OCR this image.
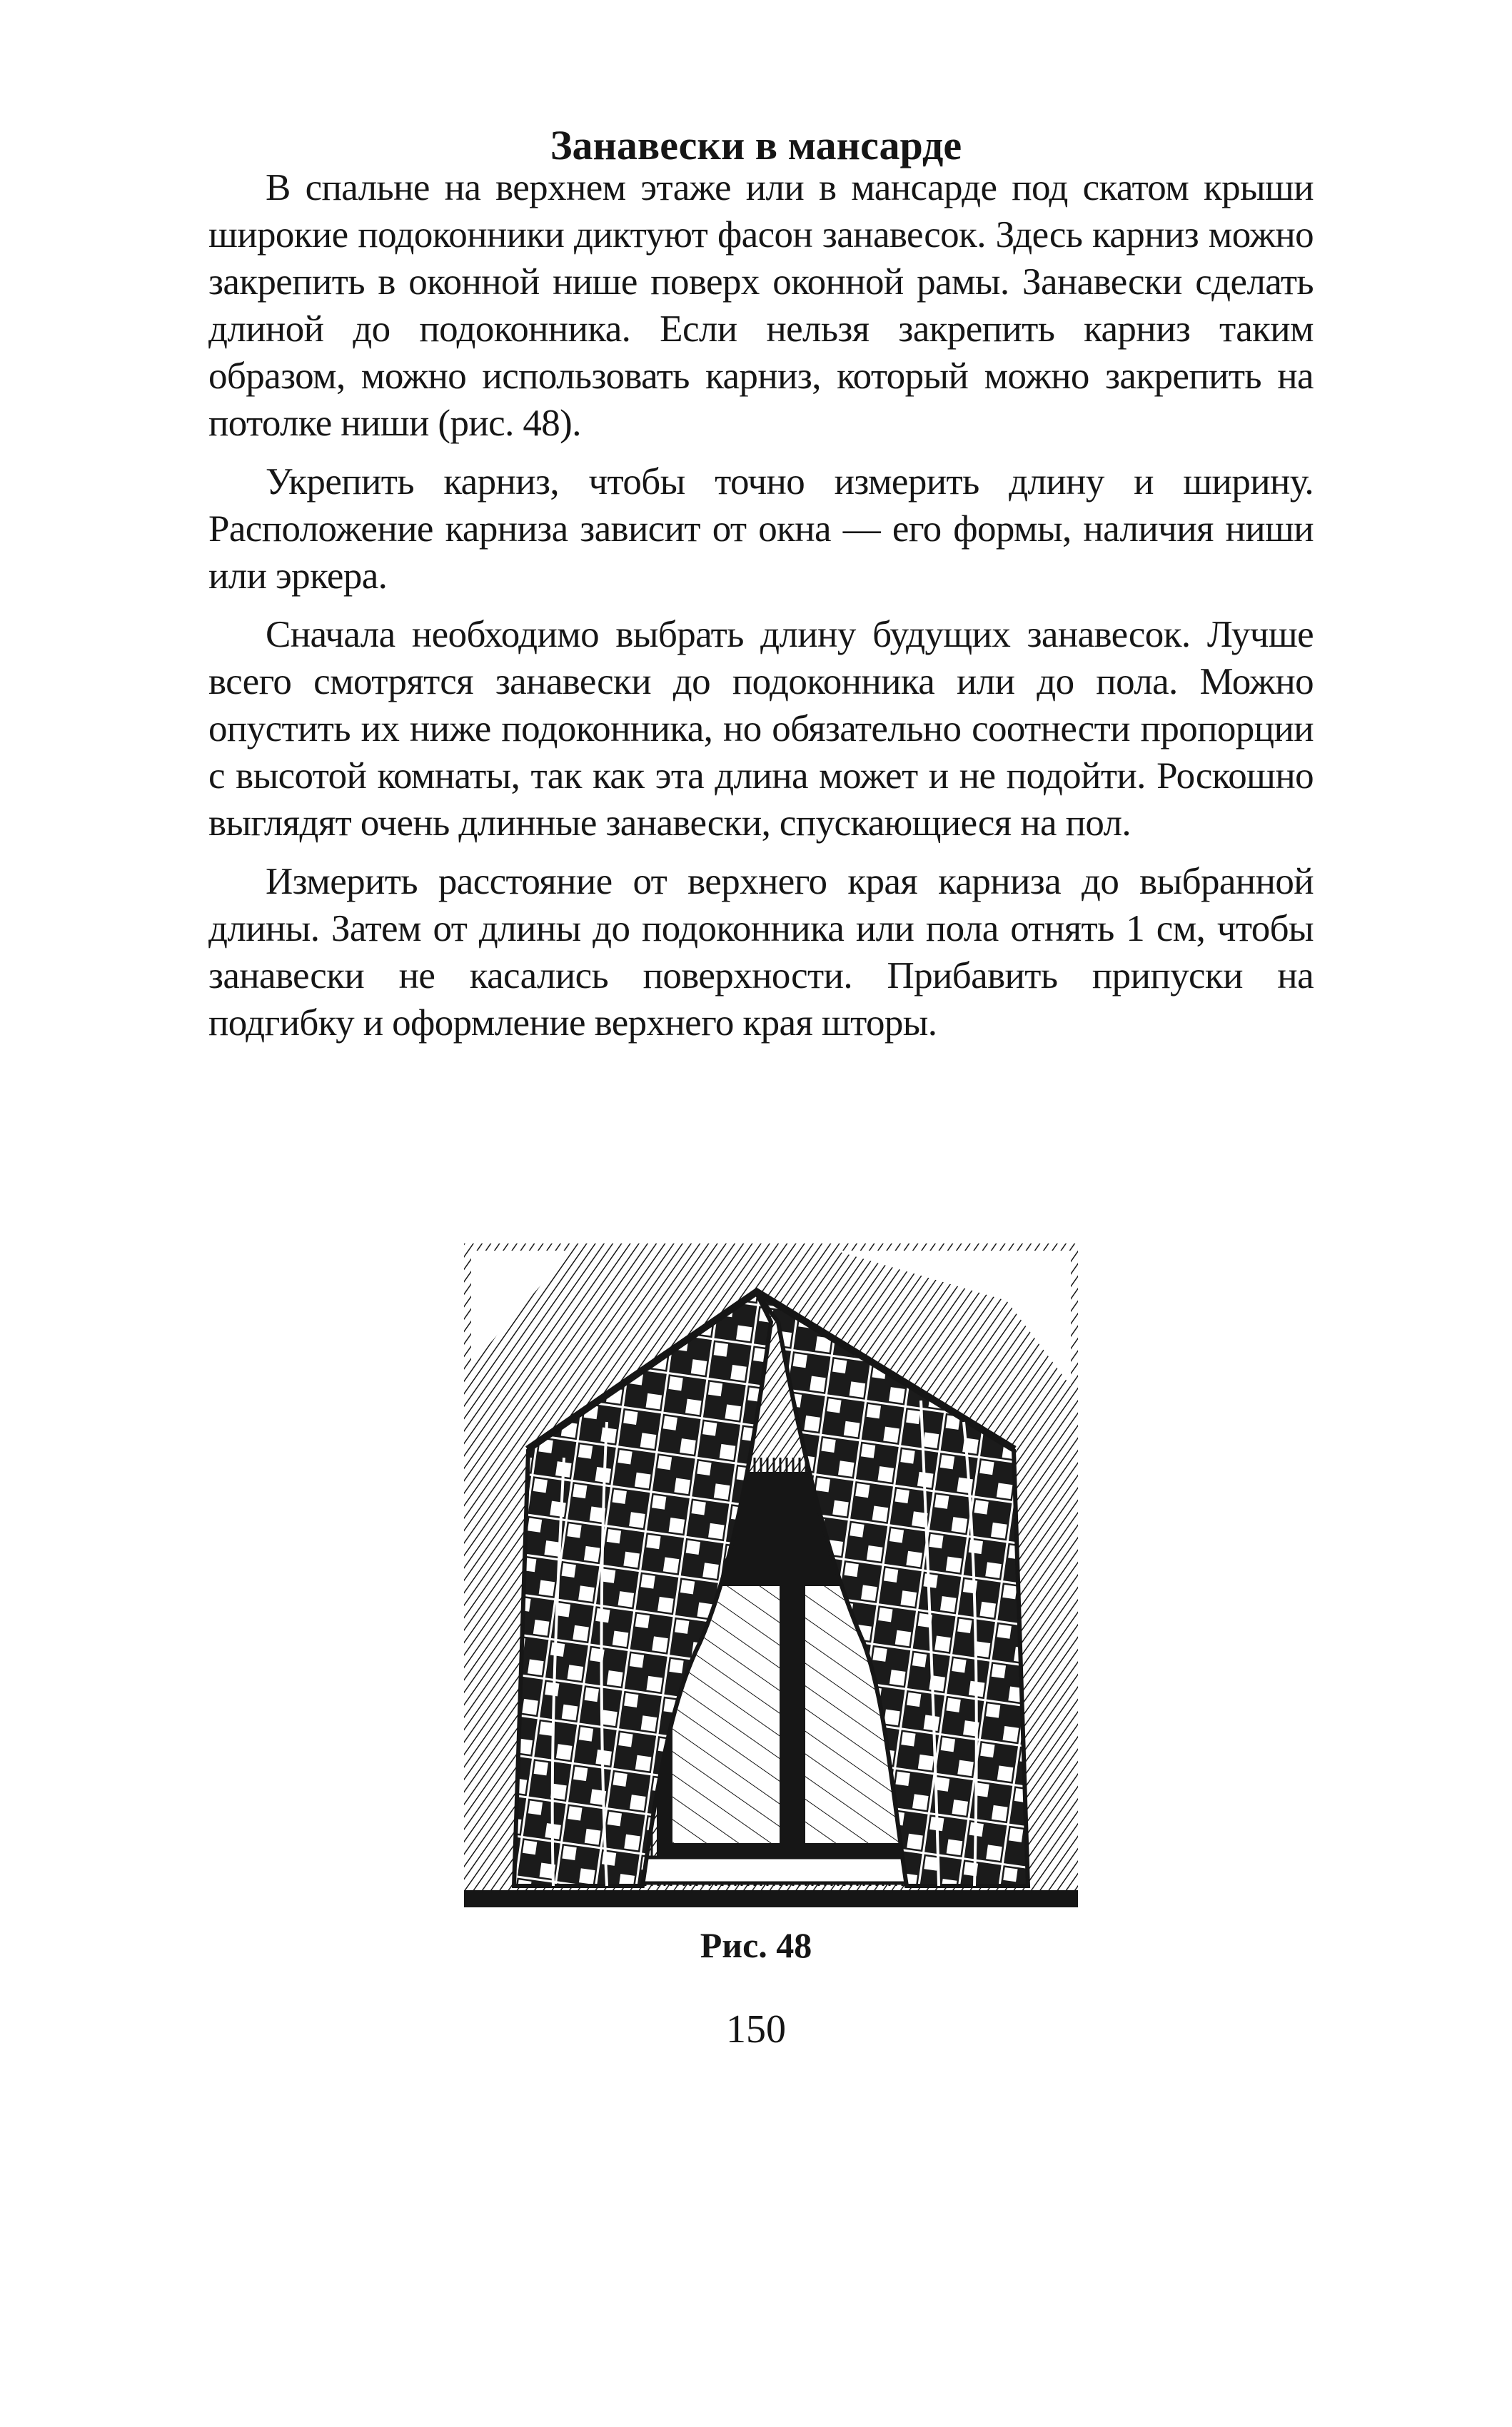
Занавески в мансарде

В спальне на верхнем этаже или в мансарде под скатом крыши широкие подоконники диктуют фасон занавесок. Здесь карниз можно закрепить в оконной нише поверх оконной рамы. Занавески сделать длиной до подоконника. Если нельзя закрепить карниз таким образом, можно использовать карниз, который можно закрепить на потолке ниши (рис. 48).

Укрепить карниз, чтобы точно измерить длину и ширину. Расположение карниза зависит от окна — его формы, наличия ниши или эркера.

Сначала необходимо выбрать длину будущих занавесок. Лучше всего смотрятся занавески до подоконника или до пола. Можно опустить их ниже подоконника, но обязательно соотнести пропорции с высотой комнаты, так как эта длина может и не подойти. Роскошно выглядят очень длинные занавески, спускающиеся на пол.

Измерить расстояние от верхнего края карниза до выбранной длины. Затем от длины до подоконника или пола отнять 1 см, чтобы занавески не касались поверхности. Прибавить припуски на подгибку и оформление верхнего края шторы.

Рис. 48
150
